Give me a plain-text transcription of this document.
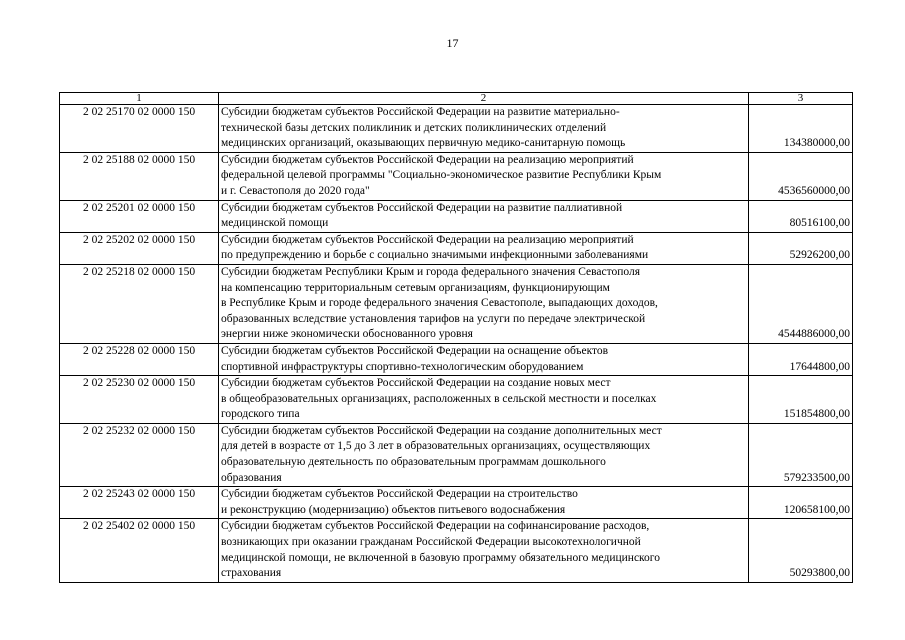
17
1	2	3
2 02 25170 02 0000 150	Субсидии бюджетам субъектов Российской Федерации на развитие материально-
технической базы детских поликлиник и детских поликлинических отделений
медицинских организаций, оказывающих первичную медико-санитарную помощь	134380000,00
2 02 25188 02 0000 150	Субсидии бюджетам субъектов Российской Федерации на реализацию мероприятий
федеральной целевой программы "Социально-экономическое развитие Республики Крым
и г. Севастополя до 2020 года"	4536560000,00
2 02 25201 02 0000 150	Субсидии бюджетам субъектов Российской Федерации на развитие паллиативной
медицинской помощи	80516100,00
2 02 25202 02 0000 150	Субсидии бюджетам субъектов Российской Федерации на реализацию мероприятий
по предупреждению и борьбе с социально значимыми инфекционными заболеваниями	52926200,00
2 02 25218 02 0000 150	Субсидии бюджетам Республики Крым и города федерального значения Севастополя
на компенсацию территориальным сетевым организациям, функционирующим
в Республике Крым и городе федерального значения Севастополе, выпадающих доходов,
образованных вследствие установления тарифов на услуги по передаче электрической
энергии ниже экономически обоснованного уровня	4544886000,00
2 02 25228 02 0000 150	Субсидии бюджетам субъектов Российской Федерации на оснащение объектов
спортивной инфраструктуры спортивно-технологическим оборудованием	17644800,00
2 02 25230 02 0000 150	Субсидии бюджетам субъектов Российской Федерации на создание новых мест
в общеобразовательных организациях, расположенных в сельской местности и поселках
городского типа	151854800,00
2 02 25232 02 0000 150	Субсидии бюджетам субъектов Российской Федерации на создание дополнительных мест
для детей в возрасте от 1,5 до 3 лет в образовательных организациях, осуществляющих
образовательную деятельность по образовательным программам дошкольного
образования	579233500,00
2 02 25243 02 0000 150	Субсидии бюджетам субъектов Российской Федерации на строительство
и реконструкцию (модернизацию) объектов питьевого водоснабжения	120658100,00
2 02 25402 02 0000 150	Субсидии бюджетам субъектов Российской Федерации на софинансирование расходов,
возникающих при оказании гражданам Российской Федерации высокотехнологичной
медицинской помощи, не включенной в базовую программу обязательного медицинского
страхования	50293800,00
